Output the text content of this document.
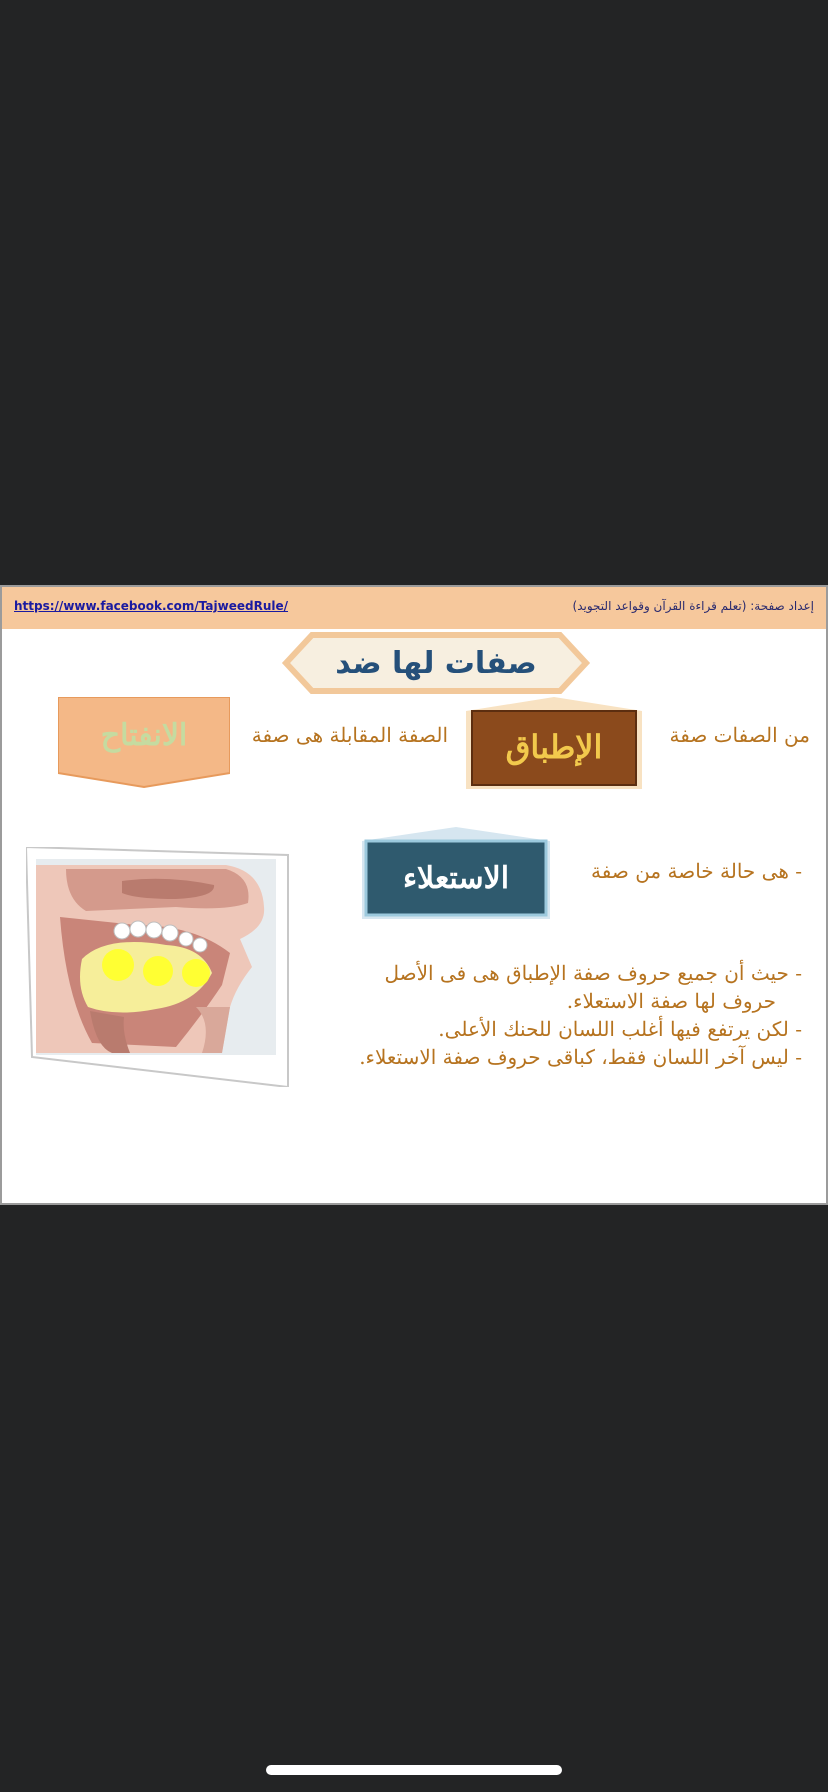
https://www.facebook.com/TajweedRule/	إعداد صفحة: (تعلم قراءة القرآن وقواعد التجويد)
صفات لها ضد
من الصفات صفة
الصفة المقابلة هى صفة	الإطباق
الانفتاح
- هى حالة خاصة من صفة
الاستعلاء
- حيث أن جميع حروف صفة الإطباق هى فى الأصل
حروف لها صفة الاستعلاء.
- لكن يرتفع فيها أغلب اللسان للحنك الأعلى.
- ليس آخر اللسان فقط، كباقى حروف صفة الاستعلاء.
